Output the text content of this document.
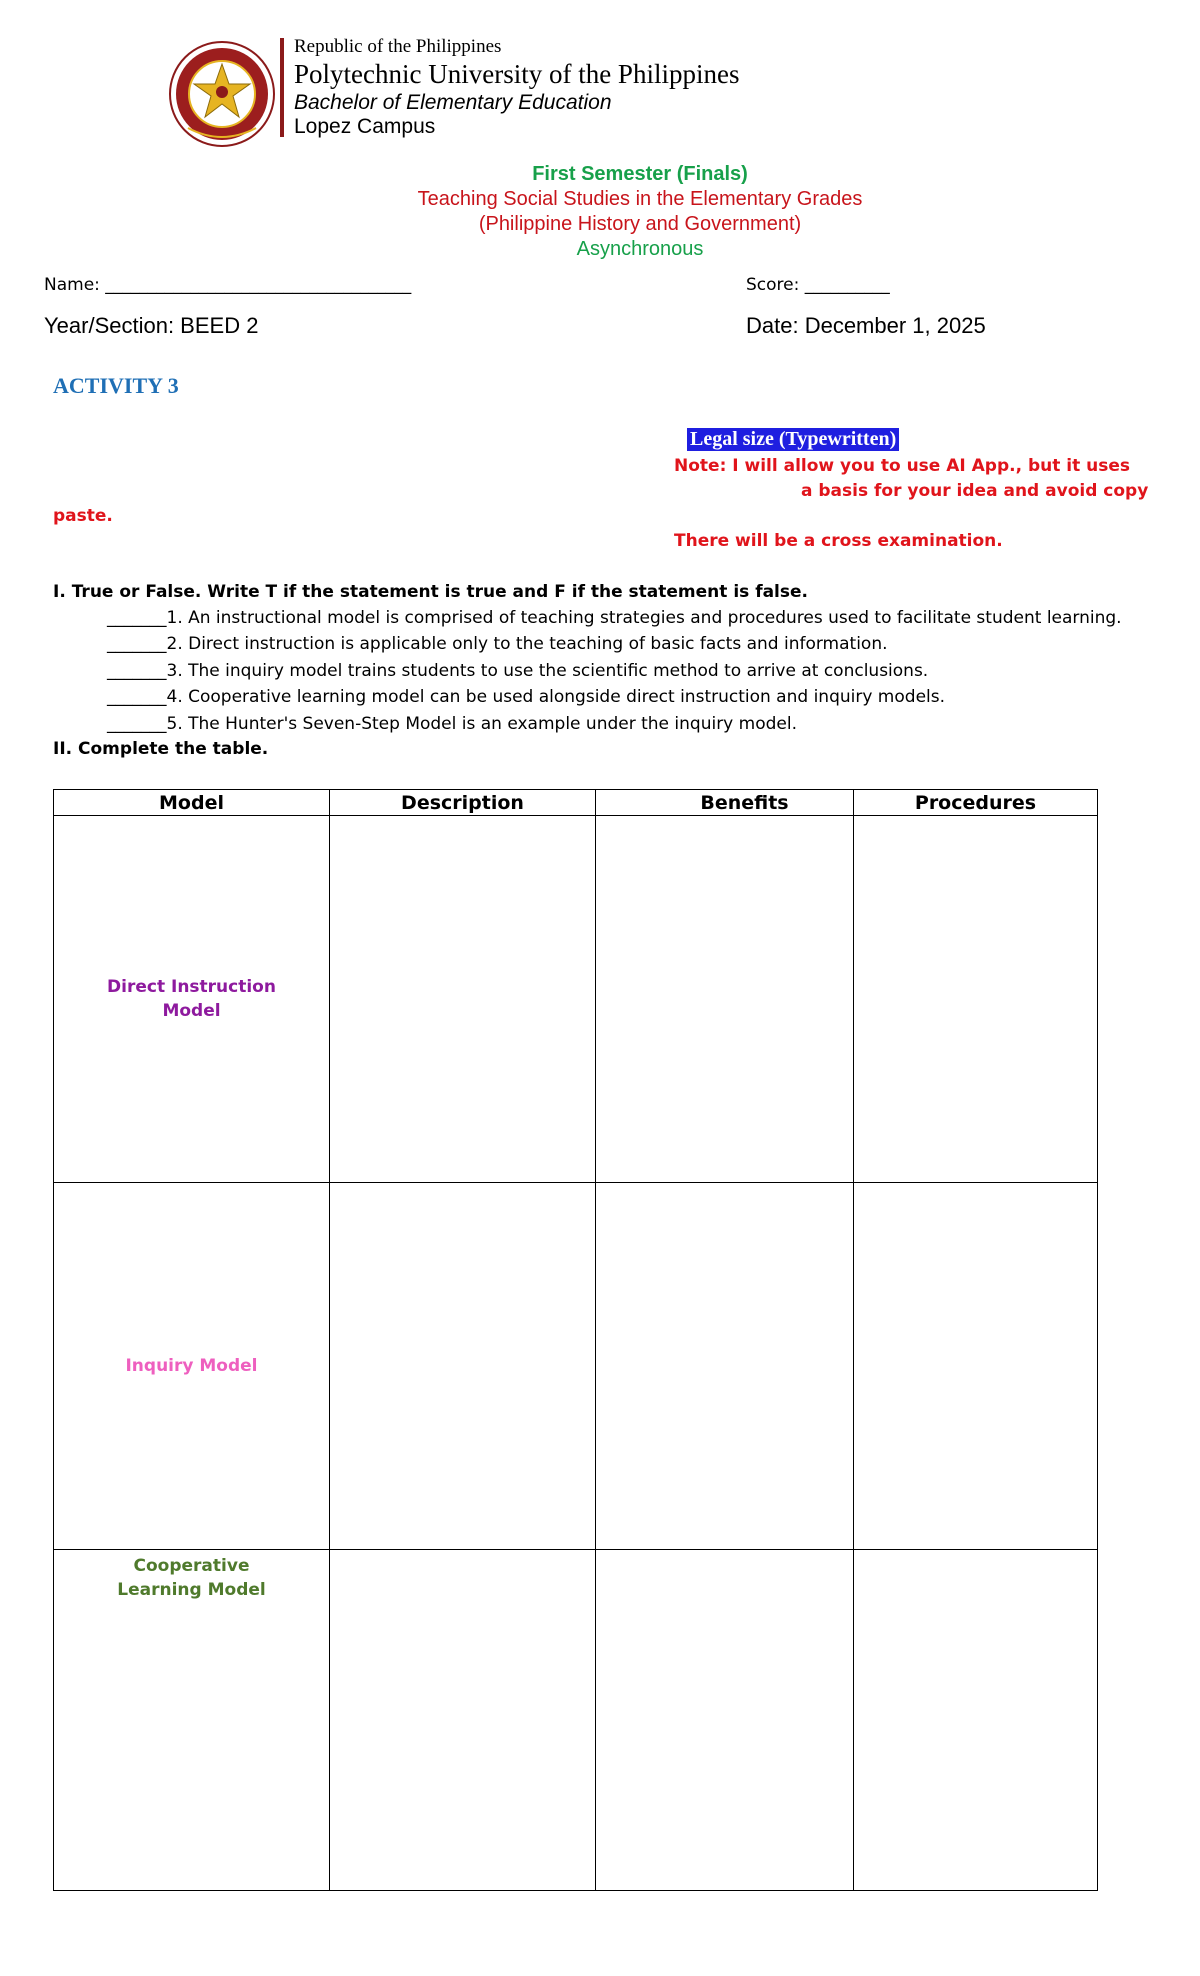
Republic of the Philippines
Polytechnic University of the Philippines
Bachelor of Elementary Education
Lopez Campus
First Semester (Finals)
Teaching Social Studies in the Elementary Grades
(Philippine History and Government)
Asynchronous
Name: ____________________________________	Score: __________
Year/Section: BEED 2	Date: December 1, 2025
ACTIVITY 3
Legal size (Typewritten)
Note: I will allow you to use AI App., but it uses
a basis for your idea and avoid copy
paste.
There will be a cross examination.
I. True or False. Write T if the statement is true and F if the statement is false.
_______1. An instructional model is comprised of teaching strategies and procedures used to facilitate student learning.
_______2. Direct instruction is applicable only to the teaching of basic facts and information.
_______3. The inquiry model trains students to use the scientific method to arrive at conclusions.
_______4. Cooperative learning model can be used alongside direct instruction and inquiry models.
_______5. The Hunter's Seven-Step Model is an example under the inquiry model.
II. Complete the table.
Model	Description	Benefits	Procedures

Direct Instruction Model			

Inquiry Model			

Cooperative Learning Model			
